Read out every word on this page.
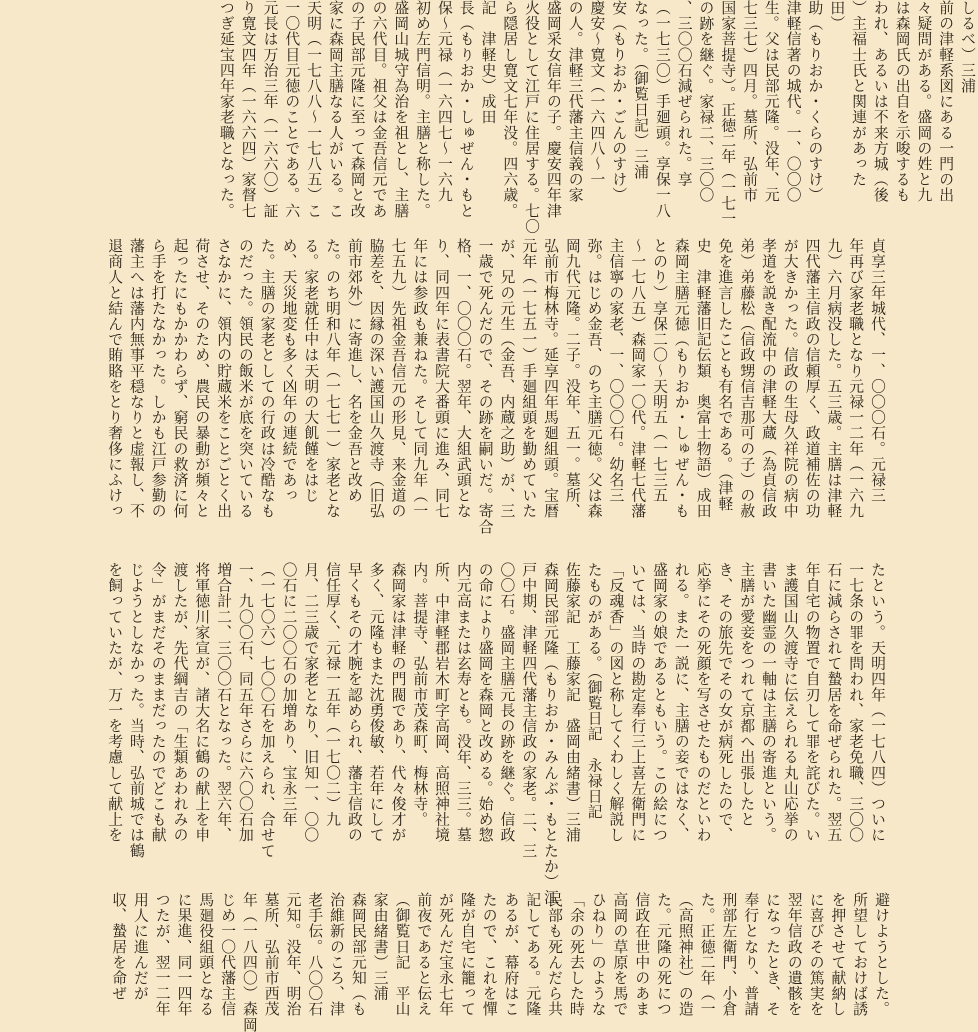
しるべ）三浦
前の津軽系図にある一門の出
々疑問がある。盛岡の姓と九
は森岡氏の出自を示唆するも
われ、あるいは不来方城（後
）主福士氏と関連があった
田）
助（もりおか・くらのすけ）
津軽信著の城代。一、〇〇〇
生。父は民部元隆。没年、元
七三七）四月。墓所、弘前市
国家菩提寺）。正徳二年（一七一
の跡を継ぐ。家禄二、三〇〇
、三〇〇石減ぜられた。享
（一七三〇）手廻頭。享保一八
なった。（御覧日記）三浦
安（もりおか・ごんのすけ）
慶安～寛文（一六四八～一
の人。津軽三代藩主信義の家
盛岡采女信年の子。慶安四年津
火役として江戸に住居する。七〇
ら隠居し寛文七年没。四六歳。
記　津軽史）成田
長（もりおか・しゅぜん・もと
保～元禄（一六四七～一六九
初め左門信明。主膳と称した。
盛岡山城守為治を祖とし、主膳
の六代目。祖父は金吾信元であ
の子民部元隆に至って森岡と改
家に森岡主膳なる人がいる。こ
天明（一七八八～一七八五）こ
一〇代目元徳のことである。六
元長は万治三年（一六六〇）証
り寛文四年（一六六四）家督七
つぎ延宝四年家老職となった。
貞享三年城代、一、〇〇〇石。元禄三
年再び家老職となり元禄一二年（一六九
九）六月病没した。五三歳。主膳は津軽
四代藩主信政の信頼厚く、政道補佐の功
が大きかった。信政の生母久祥院の病中
孝道を説き配流中の津軽大蔵（為貞信政
弟）弟藤松（信政甥信吉那可の子）の赦
免を進言したことも有名である。（津軽
史　津軽藩旧記伝類　奥富士物語）成田
森岡主膳元徳（もりおか・しゅぜん・も
とのり）享保二〇～天明五（一七三五
～一七八五）森岡家一〇代。津軽七代藩
主信寧の家老、一、〇〇〇石。幼名三
弥。はじめ金吾、のち主膳元徳。父は森
岡九代元隆。二子。没年、五一。墓所、
弘前市梅林寺。延享四年馬廻組頭。宝暦
元年（一七五一）手廻組頭を勤めていた
が、兄の元生（金吾、内蔵之助）が、三
一歳で死んだので、その跡を嗣いだ。寄合
格、一、〇〇〇石。翌年、大組武頭とな
り、同四年に表書院大番頭に進み、同七
年には参政も兼ねた。そして同九年（一
七五九）先祖金吾信元の形見、来金道の
脇差を、因縁の深い護国山久渡寺（旧弘
前市郊外）に寄進し、名を金吾と改め
た。のち明和八年（一七七一）家老とな
る。家老就任中は天明の大飢饉をはじ
め、天災地変も多く凶年の連続であっ
た。主膳の家老としての行政は冷酷なも
のだった。領民の飯米が底を突いている
さなかに、領内の貯蔵米をことごとく出
荷させ、そのため、農民の暴動が頻々と
起ったにもかかわらず、窮民の救済に何
ら手を打たなかった。しかも江戸参勤の
藩主へは藩内無事平穏なりと虚報し、不
退商人と結んで賄賂をとり奢侈にふけっ
たという。天明四年（一七八四）ついに
一七条の罪を問われ、家老免職、三〇〇
石に減らされて蟄居を命ぜられた。翌五
年自宅の物置で自刃して罪を詫びた。い
ま護国山久渡寺に伝えられる丸山応挙の
書いた幽霊の一軸は主膳の寄進という。
主膳が愛妾をつれて京都へ出張したと
き、その旅先でその女が病死したので、
応挙にその死顔を写させたものだといわ
れる。また一説に、主膳の妾ではなく、
盛岡家の娘であるともいう。この絵につ
いては、当時の勘定奉行三上喜左衛門に
「反魂香」の図と称してくわしく解説し
たものがある。（御覧日記　永禄日記
佐藤家記　工藤家記　盛岡由緒書）三浦
森岡民部元隆（もりおか・みんぶ・もとたか）江
戸中期、津軽四代藩主信政の家老。二、三
〇〇石。盛岡主膳元長の跡を継ぐ。信政
の命により盛岡を森岡と改める。始め惣
内元高または玄寿とも。没年、三三。墓
所、中津軽郡岩木町字高岡、高照神社境
内。菩提寺、弘前市茂森町、梅林寺。
森岡家は津軽の門閥であり、代々俊才が
多く、元隆もまた沈勇俊敏、若年にして
早くもその才腕を認められ、藩主信政の
信任厚く、元禄一五年（一七〇二）九
月、二三歳で家老となり、旧知一、〇〇
〇石に二〇〇石の加増あり、宝永三年
（一七〇六）七〇〇石を加えられ、合せて
一、九〇〇石、同五年さらに六〇〇石加
増合計二、三〇〇石となった。翌六年、
将軍徳川家宣が、諸大名に鶴の献上を申
渡したが、先代綱吉の「生類あわれみの
令」がまだそのままだったのでどこも献
じようとしなかった。当時、弘前城では鶴
を飼っていたが、万一を考慮して献上を
避けようとした。
所望しておけば誘
を押させて献納し
に喜びその篤実を
翌年信政の遺骸を
になったとき、そ
奉行となり、普請
刑部左衛門、小倉
た。正徳二年（一
（高照神社）の造
た。元隆の死につ
信政在世中のあま
高岡の草原を馬で
ひねり」のような
「余の死去した時
民部も死んだら共
記してある。元隆
あるが、幕府はこ
たので、これを憚
隆が自宅に籠って
が死んだ宝永七年
前夜であると伝え
（御覧日記　平山
家由緒書）三浦
森岡民部元知（も
治維新のころ、津
老手伝。八〇〇石
元知。没年、明治
墓所、弘前市西茂
年（一八四〇）森岡
じめ一〇代藩主信
馬廻役組頭となる
に果進、同一四年
つたが、翌一二年
用人に進んだが
収、蟄居を命ぜ
